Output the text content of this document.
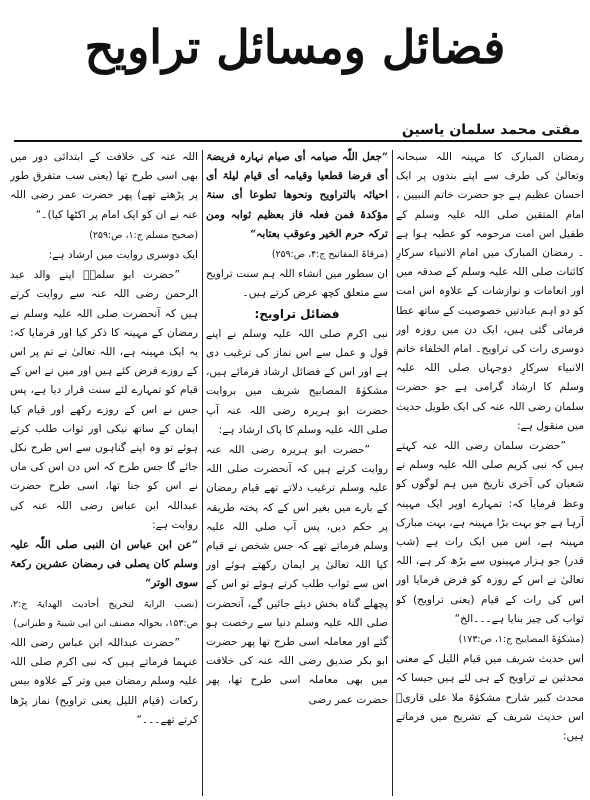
فضائل ومسائل تراویح
مفتی محمد سلمان یاسین

رمضان المبارک کا مہینہ اللہ سبحانہ وتعالیٰ کی طرف سے اپنے بندوں پر ایک احسان عظیم ہے جو حضرت خاتم النبیین ، امام المتقین صلی اللہ علیہ وسلم کے طفیل اس امت مرحومہ کو عطیہ ہوا ہے ۔ رمضان المبارک میں امام الانبیاء سرکارِ کائنات صلی اللہ علیہ وسلم کے صدقہ میں اور انعامات و نوازشات کے علاوہ اس امت کو دو اہم عبادتیں خصوصیت کے ساتھ عطا فرمائی گئی ہیں، ایک دن میں روزہ اور دوسری رات کی تراویح۔ امام الخلفاء خاتم الانبیاء سرکارِ دوجہاں صلی اللہ علیہ وسلم کا ارشاد گرامی ہے جو حضرت سلمان رضی اللہ عنہ کی ایک طویل حدیث میں منقول ہے:

”حضرت سلمان رضی اللہ عنہ کہتے ہیں کہ نبی کریم صلی اللہ علیہ وسلم نے شعبان کی آخری تاریخ میں ہم لوگوں کو وعظ فرمایا کہ: تمہارے اوپر ایک مہینہ آرہا ہے جو بہت بڑا مہینہ ہے، بہت مبارک مہینہ ہے، اس میں ایک رات ہے (شب قدر) جو ہزار مہینوں سے بڑھ کر ہے، اللہ تعالیٰ نے اس کے روزہ کو فرض فرمایا اور اس کی رات کے قیام (یعنی تراویح) کو ثواب کی چیز بنایا ہے۔۔۔الخ“

(مشکوٰۃ المصابیح ج:۱، ص:۱۷۳)

اس حدیث شریف میں قیام اللیل کے معنی محدثین نے تراویح کے ہی لئے ہیں جیسا کہ محدث کبیر شارح مشکوٰۃ ملا علی قاریؒ اس حدیث شریف کے تشریح میں فرماتے ہیں:

”جعل اللّٰہ صیامہ أی صیام نہارہ فریضۃ أی فرضا قطعیا وقیامہ أی قیام لیلۃ أی احیائہ بالتراویح ونحوھا تطوعا أی سنۃ مؤکدۃ فمن فعلہ فاز بعظیم ثوابہ ومن ترکہ حرم الخیر وعوقب بعتابہ“

(مرقاۃ المفاتیح ج:۴، ص:۲۵۹)

ان سطور میں انشاء اللہ ہم سنت تراویح سے متعلق کچھ عرض کرتے ہیں۔

فضائل تراویح:

نبی اکرم صلی اللہ علیہ وسلم نے اپنے قول و عمل سے اس نماز کی ترغیب دی ہے اور اس کے فضائل ارشاد فرمائے ہیں، مشکوٰۃ المصابیح شریف میں بروایت حضرت ابو ہریرہ رضی اللہ عنہ آپ صلی اللہ علیہ وسلم کا پاک ارشاد ہے:

”حضرت ابو ہریرہ رضی اللہ عنہ روایت کرتے ہیں کہ آنحضرت صلی اللہ علیہ وسلم ترغیب دلاتے تھے قیام رمضان کے بارے میں بغیر اس کے کہ پختہ طریقہ پر حکم دیں، پس آپ صلی اللہ علیہ وسلم فرماتے تھے کہ جس شخص نے قیام کیا اللہ تعالیٰ پر ایمان رکھتے ہوئے اور اس سے ثواب طلب کرتے ہوئے تو اس کے پچھلے گناہ بخش دیئے جائیں گے، آنحضرت صلی اللہ علیہ وسلم دنیا سے رخصت ہو گئے اور معاملہ اسی طرح تھا پھر حضرت ابو بکر صدیق رضی اللہ عنہ کی خلافت میں بھی معاملہ اسی طرح تھا، پھر حضرت عمر رضی

اللہ عنہ کی خلافت کے ابتدائی دور میں بھی اسی طرح تھا (یعنی سب متفرق طور پر پڑھتے تھے) پھر حضرت عمر رضی اللہ عنہ نے ان کو ایک امام پر اکٹھا کیا)۔“

(صحیح مسلم ج:۱، ص:۲۵۹)

ایک دوسری روایت میں ارشاد ہے:

”حضرت ابو سلمہؒ اپنے والد عبد الرحمن رضی اللہ عنہ سے روایت کرتے ہیں کہ آنحضرت صلی اللہ علیہ وسلم نے رمضان کے مہینہ کا ذکر کیا اور فرمایا کہ: یہ ایک مہینہ ہے، اللہ تعالیٰ نے تم پر اس کے روزے فرض کئے ہیں اور میں نے اس کے قیام کو تمہارے لئے سنت قرار دیا ہے، پس جس نے اس کے روزے رکھے اور قیام کیا ایمان کے ساتھ نیکی اور ثواب طلب کرتے ہوئے تو وہ اپنے گناہوں سے اس طرح نکل جائے گا جس طرح کہ اس دن اس کی ماں نے اس کو جنا تھا، اسی طرح حضرت عبداللہ ابن عباس رضی اللہ عنہ کی روایت ہے:

”عن ابن عباس ان النبی صلی اللّٰہ علیہ وسلم کان یصلی فی رمضان عشرین رکعۃ سوی الوتر“

(نصب الرایۃ لتخریج أحادیث الھدایۃ ج:۲، ص:۱۵۳، بحوالہ مصنف ابن ابی شیبۃ و طبرانی)

”حضرت عبداللہ ابن عباس رضی اللہ عنہما فرماتے ہیں کہ نبی اکرم صلی اللہ علیہ وسلم رمضان میں وتر کے علاوہ بیس رکعات (قیام اللیل یعنی تراویح) نماز پڑھا کرتے تھے۔۔۔“
